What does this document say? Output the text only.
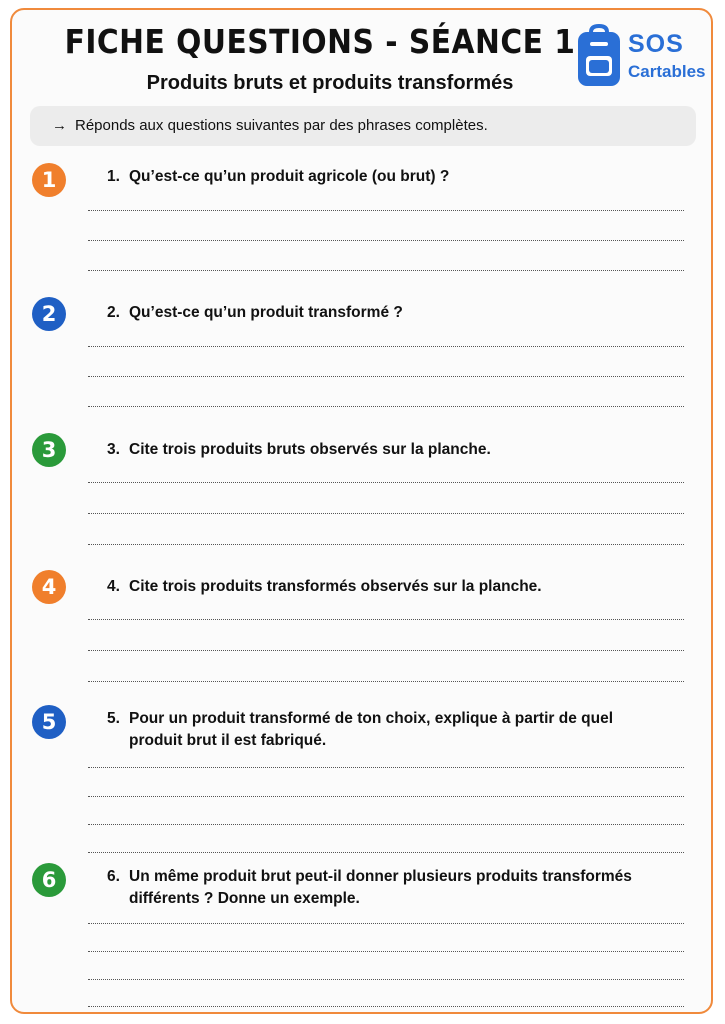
FICHE QUESTIONS - SÉANCE 1
Produits bruts et produits transformés
SOS
Cartables
→ Réponds aux questions suivantes par des phrases complètes.
1	1. Qu’est-ce qu’un produit agricole (ou brut) ?
2	2. Qu’est-ce qu’un produit transformé ?
3	3. Cite trois produits bruts observés sur la planche.
4	4. Cite trois produits transformés observés sur la planche.
5	5. Pour un produit transformé de ton choix, explique à partir de quel
produit brut il est fabriqué.
6	6. Un même produit brut peut-il donner plusieurs produits transformés
différents ? Donne un exemple.
